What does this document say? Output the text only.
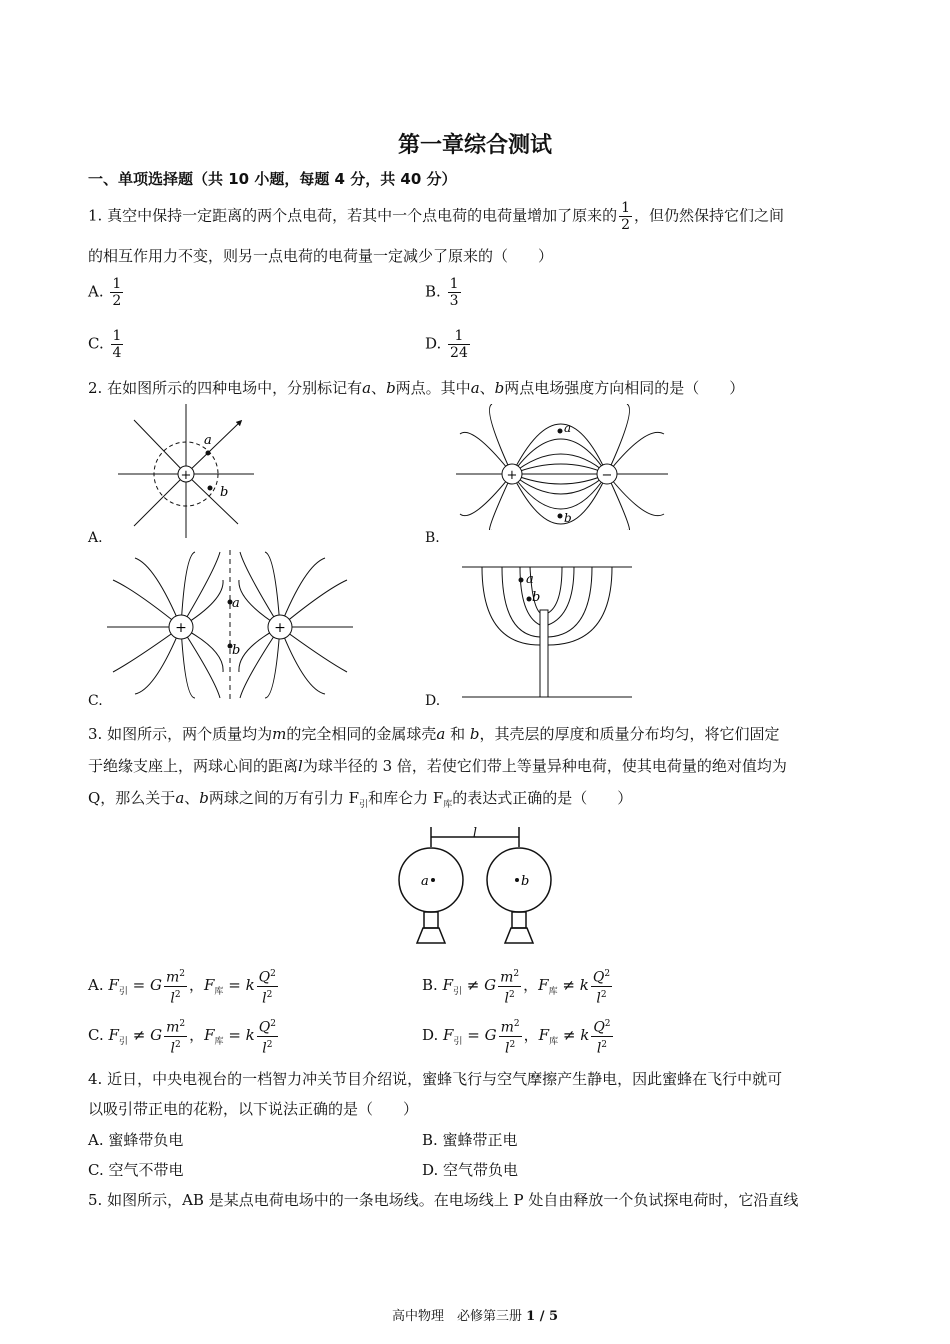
第一章综合测试
一、单项选择题（共 10 小题，每题 4 分，共 40 分）
1. 真空中保持一定距离的两个点电荷，若其中一个点电荷的电荷量增加了原来的 $\frac{1}{2}$ ，但仍然保持它们之间
的相互作用力不变，则另一点电荷的电荷量一定减少了原来的（　　）
A. $\frac{1}{2}$	B. $\frac{1}{3}$
C. $\frac{1}{4}$	D. $\frac{1}{24}$
2. 在如图所示的四种电场中，分别标记有a、b两点。其中a、b两点电场强度方向相同的是（　　）
+
a
b
A.
+	−
a
b
B.
+	+
a
b
C.
a
b
D.
3. 如图所示，两个质量均为m的完全相同的金属球壳a 和 b，其壳层的厚度和质量分布均匀，将它们固定
于绝缘支座上，两球心间的距离l为球半径的 3 倍，若使它们带上等量异种电荷，使其电荷量的绝对值均为
Q，那么关于a、b两球之间的万有引力 $F_引$和库仑力 $F_库$的表达式正确的是（　　）
l
a	b
A. $F_引 = G \frac{m^2}{l^2}$ ，$F_库 = k \frac{Q^2}{l^2}$	B. $F_引 \ne G \frac{m^2}{l^2}$ ，$F_库 \ne k \frac{Q^2}{l^2}$
C. $F_引 \ne G \frac{m^2}{l^2}$ ，$F_库 = k \frac{Q^2}{l^2}$	D. $F_引 = G \frac{m^2}{l^2}$ ，$F_库 \ne k \frac{Q^2}{l^2}$
4. 近日，中央电视台的一档智力冲关节目介绍说，蜜蜂飞行与空气摩擦产生静电，因此蜜蜂在飞行中就可
以吸引带正电的花粉，以下说法正确的是（　　）
A. 蜜蜂带负电	B. 蜜蜂带正电
C. 空气不带电	D. 空气带负电
5. 如图所示，AB 是某点电荷电场中的一条电场线。在电场线上 P 处自由释放一个负试探电荷时，它沿直线
高中物理　必修第三册 1 / 5
